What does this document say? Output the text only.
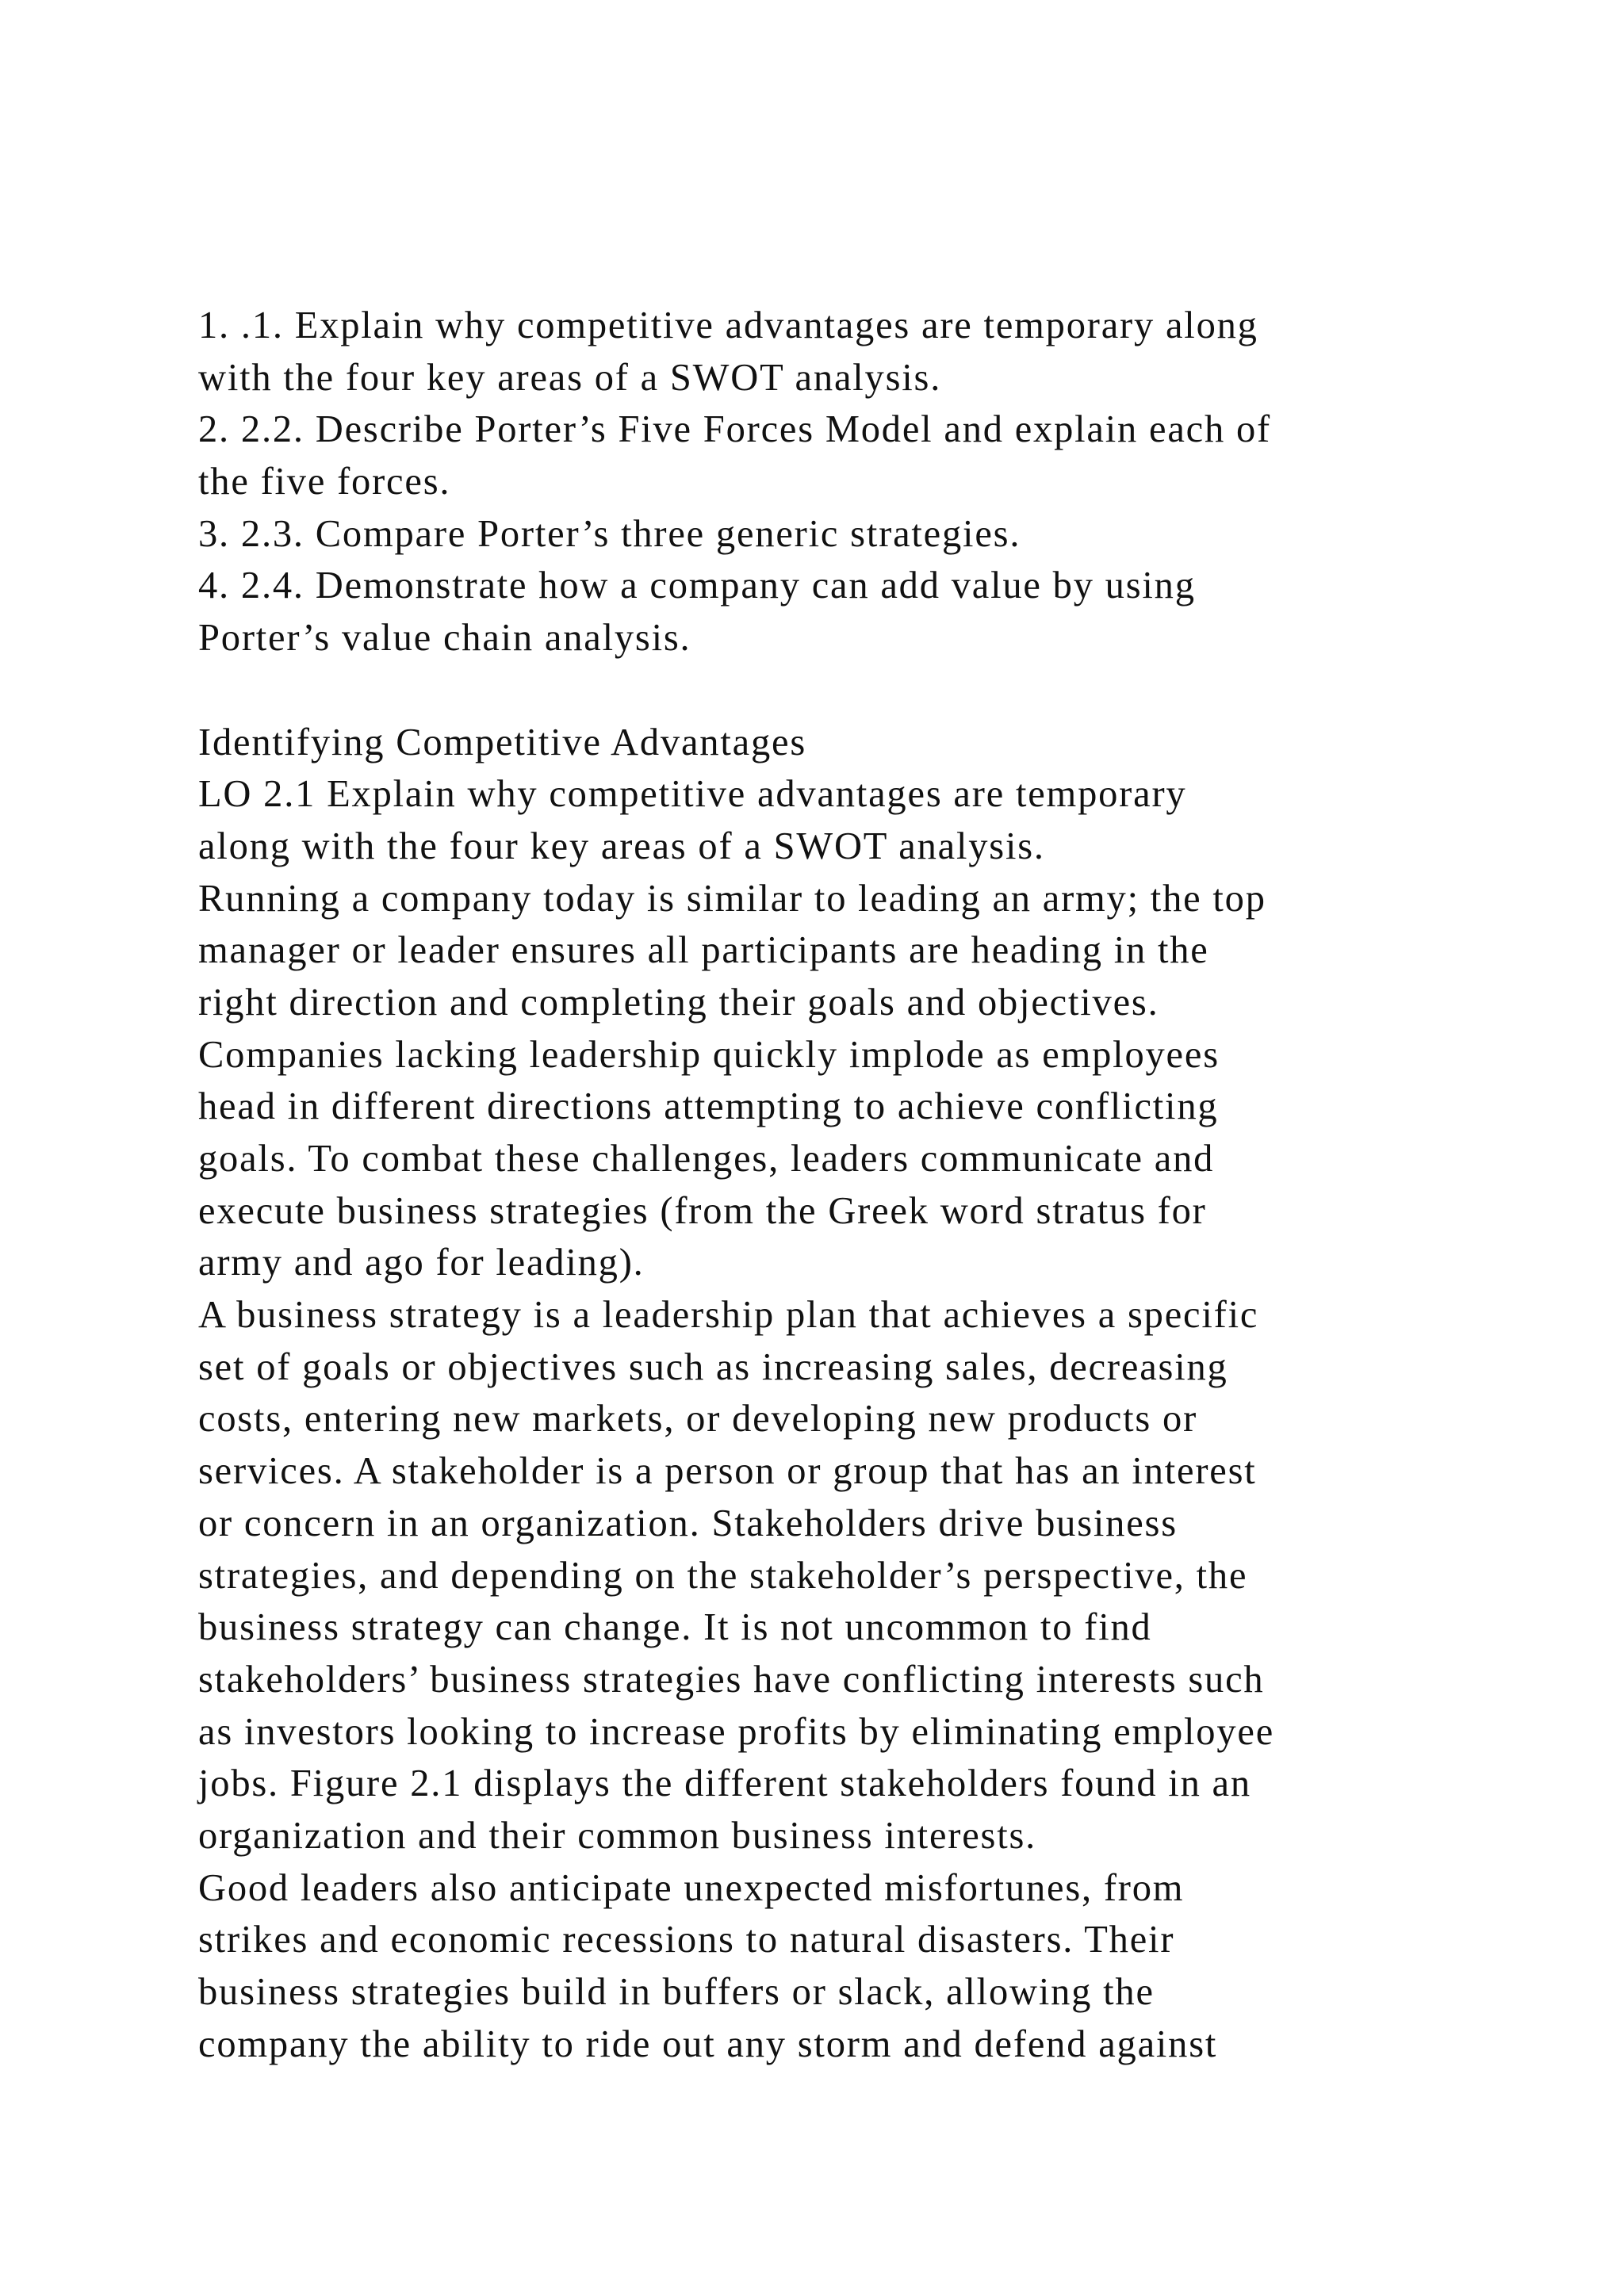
1. .1. Explain why competitive advantages are temporary along
with the four key areas of a SWOT analysis.
2. 2.2. Describe Porter’s Five Forces Model and explain each of
the five forces.
3. 2.3. Compare Porter’s three generic strategies.
4. 2.4. Demonstrate how a company can add value by using
Porter’s value chain analysis.
Identifying Competitive Advantages
LO 2.1 Explain why competitive advantages are temporary
along with the four key areas of a SWOT analysis.
Running a company today is similar to leading an army; the top
manager or leader ensures all participants are heading in the
right direction and completing their goals and objectives.
Companies lacking leadership quickly implode as employees
head in different directions attempting to achieve conflicting
goals. To combat these challenges, leaders communicate and
execute business strategies (from the Greek word stratus for
army and ago for leading).
A business strategy is a leadership plan that achieves a specific
set of goals or objectives such as increasing sales, decreasing
costs, entering new markets, or developing new products or
services. A stakeholder is a person or group that has an interest
or concern in an organization. Stakeholders drive business
strategies, and depending on the stakeholder’s perspective, the
business strategy can change. It is not uncommon to find
stakeholders’ business strategies have conflicting interests such
as investors looking to increase profits by eliminating employee
jobs. Figure 2.1 displays the different stakeholders found in an
organization and their common business interests.
Good leaders also anticipate unexpected misfortunes, from
strikes and economic recessions to natural disasters. Their
business strategies build in buffers or slack, allowing the
company the ability to ride out any storm and defend against
